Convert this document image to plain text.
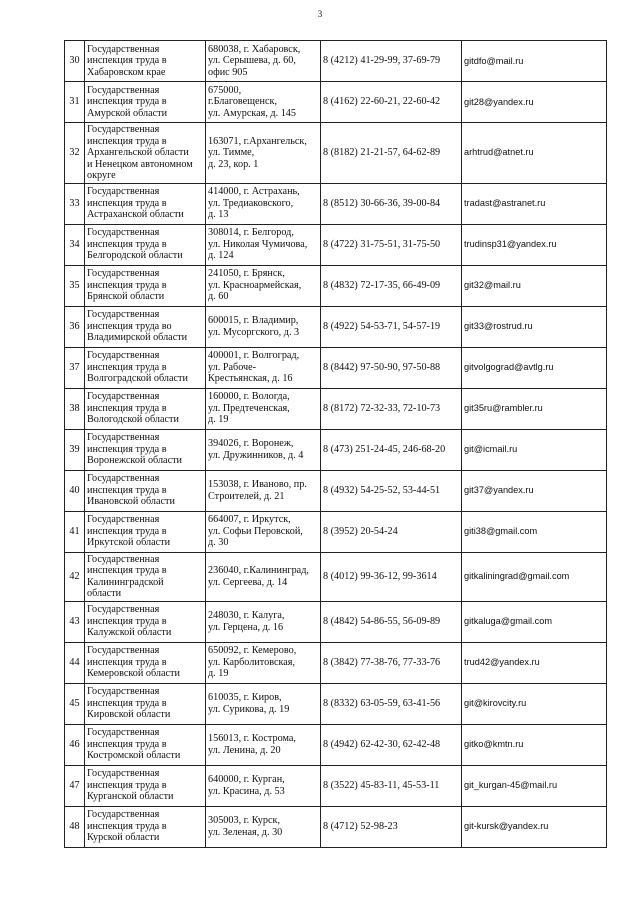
3
30	Государственная
инспекция труда в
Хабаровском крае	680038, г. Хабаровск,
ул. Серышева, д. 60,
офис 905	8 (4212) 41-29-99, 37-69-79	gitdfo@mail.ru
31	Государственная
инспекция труда в
Амурской области	675000,
г.Благовещенск,
ул. Амурская, д. 145	8 (4162) 22-60-21, 22-60-42	git28@yandex.ru
32	Государственная
инспекция труда в
Архангельской области
и Ненецком автономном
округе	163071, г.Архангельск,
ул. Тимме,
д. 23, кор. 1	8 (8182) 21-21-57, 64-62-89	arhtrud@atnet.ru
33	Государственная
инспекция труда в
Астраханской области	414000, г. Астрахань,
ул. Тредиаковского,
д. 13	8 (8512) 30-66-36, 39-00-84	tradast@astranet.ru
34	Государственная
инспекция труда в
Белгородской области	308014, г. Белгород,
ул. Николая Чумичова,
д. 124	8 (4722) 31-75-51, 31-75-50	trudinsp31@yandex.ru
35	Государственная
инспекция труда в
Брянской области	241050, г. Брянск,
ул. Красноармейская,
д. 60	8 (4832) 72-17-35, 66-49-09	git32@mail.ru
36	Государственная
инспекция труда во
Владимирской области	600015, г. Владимир,
ул. Мусоргского, д. 3	8 (4922) 54-53-71, 54-57-19	git33@rostrud.ru
37	Государственная
инспекция труда в
Волгоградской области	400001, г. Волгоград,
ул. Рабоче-
Крестьянская, д. 16	8 (8442) 97-50-90, 97-50-88	gitvolgograd@avtlg.ru
38	Государственная
инспекция труда в
Вологодской области	160000, г. Вологда,
ул. Предтеченская,
д. 19	8 (8172) 72-32-33, 72-10-73	git35ru@rambler.ru
39	Государственная
инспекция труда в
Воронежской области	394026, г. Воронеж,
ул. Дружинников, д. 4	8 (473) 251-24-45, 246-68-20	git@icmail.ru
40	Государственная
инспекция труда в
Ивановской области	153038, г. Иваново, пр.
Строителей, д. 21	8 (4932) 54-25-52, 53-44-51	git37@yandex.ru
41	Государственная
инспекция труда в
Иркутской области	664007, г. Иркутск,
ул. Софьи Перовской,
д. 30	8 (3952) 20-54-24	giti38@gmail.com
42	Государственная
инспекция труда в
Калининградской
области	236040, г.Калининград,
ул. Сергеева, д. 14	8 (4012) 99-36-12, 99-3614	gitkaliningrad@gmail.com
43	Государственная
инспекция труда в
Калужской области	248030, г. Калуга,
ул. Герцена, д. 16	8 (4842) 54-86-55, 56-09-89	gitkaluga@gmail.com
44	Государственная
инспекция труда в
Кемеровской области	650092, г. Кемерово,
ул. Карболитовская,
д. 19	8 (3842) 77-38-76, 77-33-76	trud42@yandex.ru
45	Государственная
инспекция труда в
Кировской области	610035, г. Киров,
ул. Сурикова, д. 19	8 (8332) 63-05-59, 63-41-56	git@kirovcity.ru
46	Государственная
инспекция труда в
Костромской области	156013, г. Кострома,
ул. Ленина, д. 20	8 (4942) 62-42-30, 62-42-48	gitko@kmtn.ru
47	Государственная
инспекция труда в
Курганской области	640000, г. Курган,
ул. Красина, д. 53	8 (3522) 45-83-11, 45-53-11	git_kurgan-45@mail.ru
48	Государственная
инспекция труда в
Курской области	305003, г. Курск,
ул. Зеленая, д. 30	8 (4712) 52-98-23	git-kursk@yandex.ru
